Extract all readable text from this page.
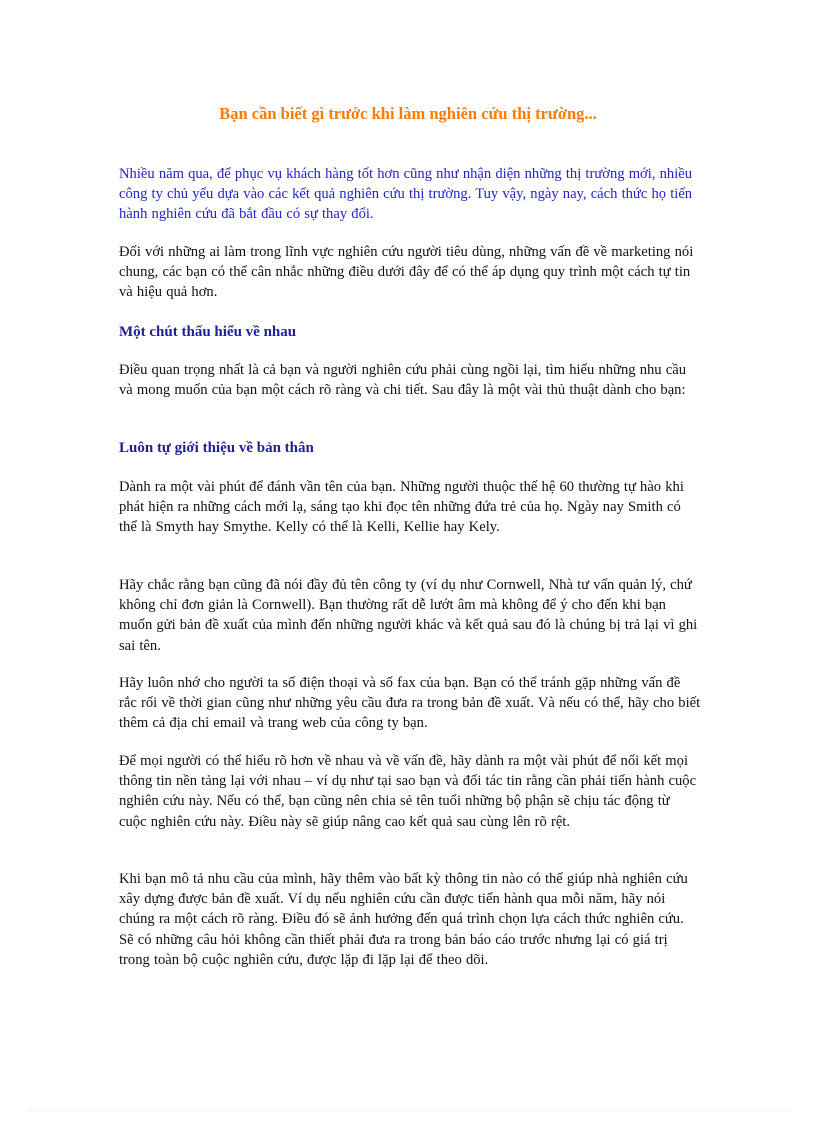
Bạn cần biết gì trước khi làm nghiên cứu thị trường...

Nhiều năm qua, để phục vụ khách hàng tốt hơn cũng như nhận diện những thị trường mới, nhiều công ty chủ yếu dựa vào các kết quả nghiên cứu thị trường. Tuy vậy, ngày nay, cách thức họ tiến hành nghiên cứu đã bắt đầu có sự thay đổi.

Đối với những ai làm trong lĩnh vực nghiên cứu người tiêu dùng, những vấn đề về marketing nói chung, các bạn có thể cân nhắc những điều dưới đây để có thể áp dụng quy trình một cách tự tin và hiệu quả hơn.

Một chút thấu hiểu về nhau

Điều quan trọng nhất là cả bạn và người nghiên cứu phải cùng ngồi lại, tìm hiểu những nhu cầu và mong muốn của bạn một cách rõ ràng và chi tiết. Sau đây là một vài thủ thuật dành cho bạn:

Luôn tự giới thiệu về bản thân

Dành ra một vài phút để đánh vần tên của bạn. Những người thuộc thế hệ 60 thường tự hào khi phát hiện ra những cách mới lạ, sáng tạo khi đọc tên những đứa trẻ của họ. Ngày nay Smith có thể là Smyth hay Smythe. Kelly có thể là Kelli, Kellie hay Kely.

Hãy chắc rằng bạn cũng đã nói đầy đủ tên công ty (ví dụ như Cornwell, Nhà tư vấn quản lý, chứ không chỉ đơn giản là Cornwell). Bạn thường rất dễ lướt âm mà không để ý cho đến khi bạn muốn gửi bản đề xuất của mình đến những người khác và kết quả sau đó là chúng bị trả lại vì ghi sai tên.

Hãy luôn nhớ cho người ta số điện thoại và số fax của bạn. Bạn có thể tránh gặp những vấn đề rắc rối về thời gian cũng như những yêu cầu đưa ra trong bản đề xuất. Và nếu có thể, hãy cho biết thêm cả địa chỉ email và trang web của công ty bạn.

Để mọi người có thể hiểu rõ hơn về nhau và về vấn đề, hãy dành ra một vài phút để nối kết mọi thông tin nền tảng lại với nhau – ví dụ như tại sao bạn và đối tác tin rằng cần phải tiến hành cuộc nghiên cứu này. Nếu có thể, bạn cũng nên chia sẻ tên tuổi những bộ phận sẽ chịu tác động từ cuộc nghiên cứu này. Điều này sẽ giúp nâng cao kết quả sau cùng lên rõ rệt.

Khi bạn mô tả nhu cầu của mình, hãy thêm vào bất kỳ thông tin nào có thể giúp nhà nghiên cứu xây dựng được bản đề xuất. Ví dụ nếu nghiên cứu cần được tiến hành qua mỗi năm, hãy nói chúng ra một cách rõ ràng. Điều đó sẽ ảnh hưởng đến quá trình chọn lựa cách thức nghiên cứu. Sẽ có những câu hỏi không cần thiết phải đưa ra trong bản báo cáo trước nhưng lại có giá trị trong toàn bộ cuộc nghiên cứu, được lặp đi lặp lại để theo dõi.
